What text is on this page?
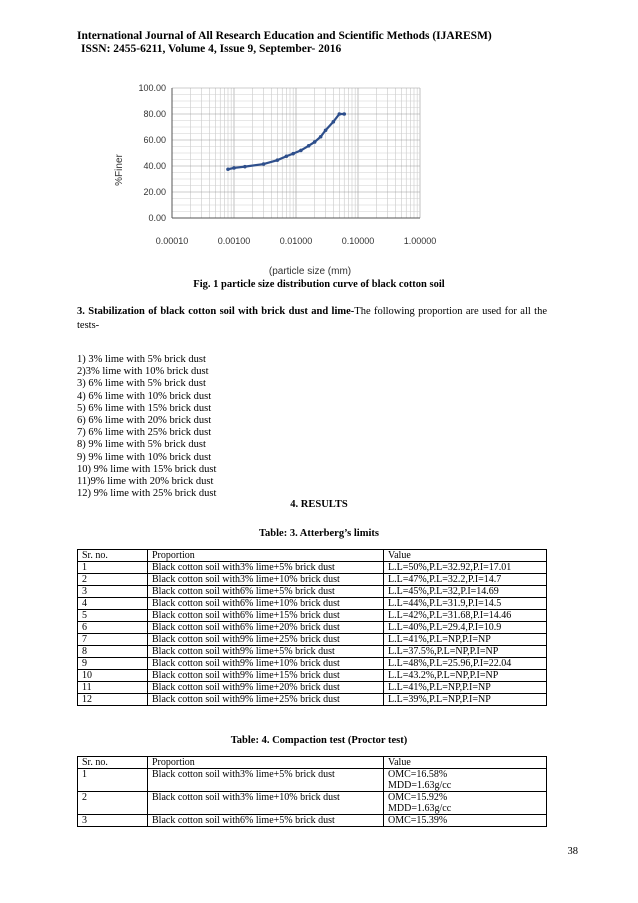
International Journal of All Research Education and Scientific Methods (IJARESM)
ISSN: 2455-6211, Volume 4, Issue 9, September- 2016
0.00
20.00
40.00
60.00
80.00
100.00
0.00010	0.00100	0.01000	0.10000	1.00000
%Finer
(particle size (mm)
Fig. 1 particle size distribution curve of black cotton soil
3. Stabilization of black cotton soil with brick dust and lime-The following proportion are used for all the tests-
1) 3% lime with 5% brick dust
2)3% lime with 10% brick dust
3) 6% lime with 5% brick dust
4) 6% lime with 10% brick dust
5) 6% lime with 15% brick dust
6) 6% lime with 20% brick dust
7) 6% lime with 25% brick dust
8) 9% lime with 5% brick dust
9) 9% lime with 10% brick dust
10) 9% lime with 15% brick dust
11)9% lime with 20% brick dust
12) 9% lime with 25% brick dust
4. RESULTS
Table: 3. Atterberg’s limits
Sr. no.	Proportion	Value
1	Black cotton soil with3% lime+5% brick dust	L.L=50%,P.L=32.92,P.I=17.01
2	Black cotton soil with3% lime+10% brick dust	L.L=47%,P.L=32.2,P.I=14.7
3	Black cotton soil with6% lime+5% brick dust	L.L=45%,P.L=32,P.I=14.69
4	Black cotton soil with6% lime+10% brick dust	L.L=44%,P.L=31.9,P.I=14.5
5	Black cotton soil with6% lime+15% brick dust	L.L=42%,P.L=31.68,P.I=14.46
6	Black cotton soil with6% lime+20% brick dust	L.L=40%,P.L=29.4,P.I=10.9
7	Black cotton soil with9% lime+25% brick dust	L.L=41%,P.L=NP,P.I=NP
8	Black cotton soil with9% lime+5% brick dust	L.L=37.5%,P.L=NP,P.I=NP
9	Black cotton soil with9% lime+10% brick dust	L.L=48%,P.L=25.96,P.I=22.04
10	Black cotton soil with9% lime+15% brick dust	L.L=43.2%,P.L=NP,P.I=NP
11	Black cotton soil with9% lime+20% brick dust	L.L=41%,P.L=NP,P.I=NP
12	Black cotton soil with9% lime+25% brick dust	L.L=39%,P.L=NP,P.I=NP
Table: 4. Compaction test (Proctor test)
Sr. no.	Proportion	Value
1	Black cotton soil with3% lime+5% brick dust	OMC=16.58%
MDD=1.63g/cc

2	Black cotton soil with3% lime+10% brick dust	OMC=15.92%
MDD=1.63g/cc

3	Black cotton soil with6% lime+5% brick dust	OMC=15.39%
38
